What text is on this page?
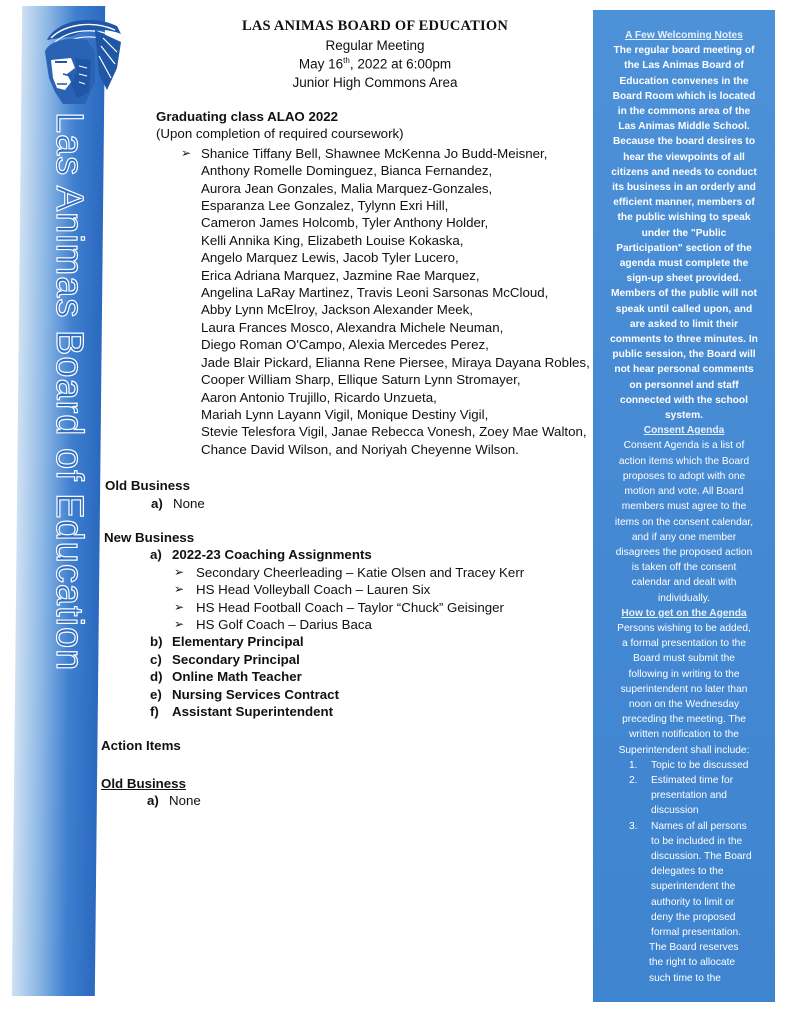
Las Animas Board of Education
LAS ANIMAS BOARD OF EDUCATION
Regular Meeting
May 16th, 2022 at 6:00pm
Junior High Commons Area
Graduating class ALAO 2022
(Upon completion of required coursework)
➢ Shanice Tiffany Bell, Shawnee McKenna Jo Budd-Meisner,
Anthony Romelle Dominguez, Bianca Fernandez,
Aurora Jean Gonzales, Malia Marquez-Gonzales,
Esparanza Lee Gonzalez, Tylynn Exri Hill,
Cameron James Holcomb, Tyler Anthony Holder,
Kelli Annika King, Elizabeth Louise Kokaska,
Angelo Marquez Lewis, Jacob Tyler Lucero,
Erica Adriana Marquez, Jazmine Rae Marquez,
Angelina LaRay Martinez, Travis Leoni Sarsonas McCloud,
Abby Lynn McElroy, Jackson Alexander Meek,
Laura Frances Mosco, Alexandra Michele Neuman,
Diego Roman O'Campo, Alexia Mercedes Perez,
Jade Blair Pickard, Elianna Rene Piersee, Miraya Dayana Robles,
Cooper William Sharp, Ellique Saturn Lynn Stromayer,
Aaron Antonio Trujillo, Ricardo Unzueta,
Mariah Lynn Layann Vigil, Monique Destiny Vigil,
Stevie Telesfora Vigil, Janae Rebecca Vonesh, Zoey Mae Walton,
Chance David Wilson, and Noriyah Cheyenne Wilson.
Old Business
a) None
New Business
a) 2022-23 Coaching Assignments
➢ Secondary Cheerleading – Katie Olsen and Tracey Kerr
➢ HS Head Volleyball Coach – Lauren Six
➢ HS Head Football Coach – Taylor “Chuck” Geisinger
➢ HS Golf Coach – Darius Baca
b) Elementary Principal
c) Secondary Principal
d) Online Math Teacher
e) Nursing Services Contract
f) Assistant Superintendent
Action Items
Old Business
a) None
A Few Welcoming Notes
The regular board meeting of
the Las Animas Board of
Education convenes in the
Board Room which is located
in the commons area of the
Las Animas Middle School.
Because the board desires to
hear the viewpoints of all
citizens and needs to conduct
its business in an orderly and
efficient manner, members of
the public wishing to speak
under the "Public
Participation" section of the
agenda must complete the
sign-up sheet provided.
Members of the public will not
speak until called upon, and
are asked to limit their
comments to three minutes. In
public session, the Board will
not hear personal comments
on personnel and staff
connected with the school
system.
Consent Agenda
Consent Agenda is a list of
action items which the Board
proposes to adopt with one
motion and vote. All Board
members must agree to the
items on the consent calendar,
and if any one member
disagrees the proposed action
is taken off the consent
calendar and dealt with
individually.
How to get on the Agenda
Persons wishing to be added,
a formal presentation to the
Board must submit the
following in writing to the
superintendent no later than
noon on the Wednesday
preceding the meeting. The
written notification to the
Superintendent shall include:
1. Topic to be discussed
2. Estimated time for
presentation and
discussion
3. Names of all persons
to be included in the
discussion. The Board
delegates to the
superintendent the
authority to limit or
deny the proposed
formal presentation.
The Board reserves
the right to allocate
such time to the
